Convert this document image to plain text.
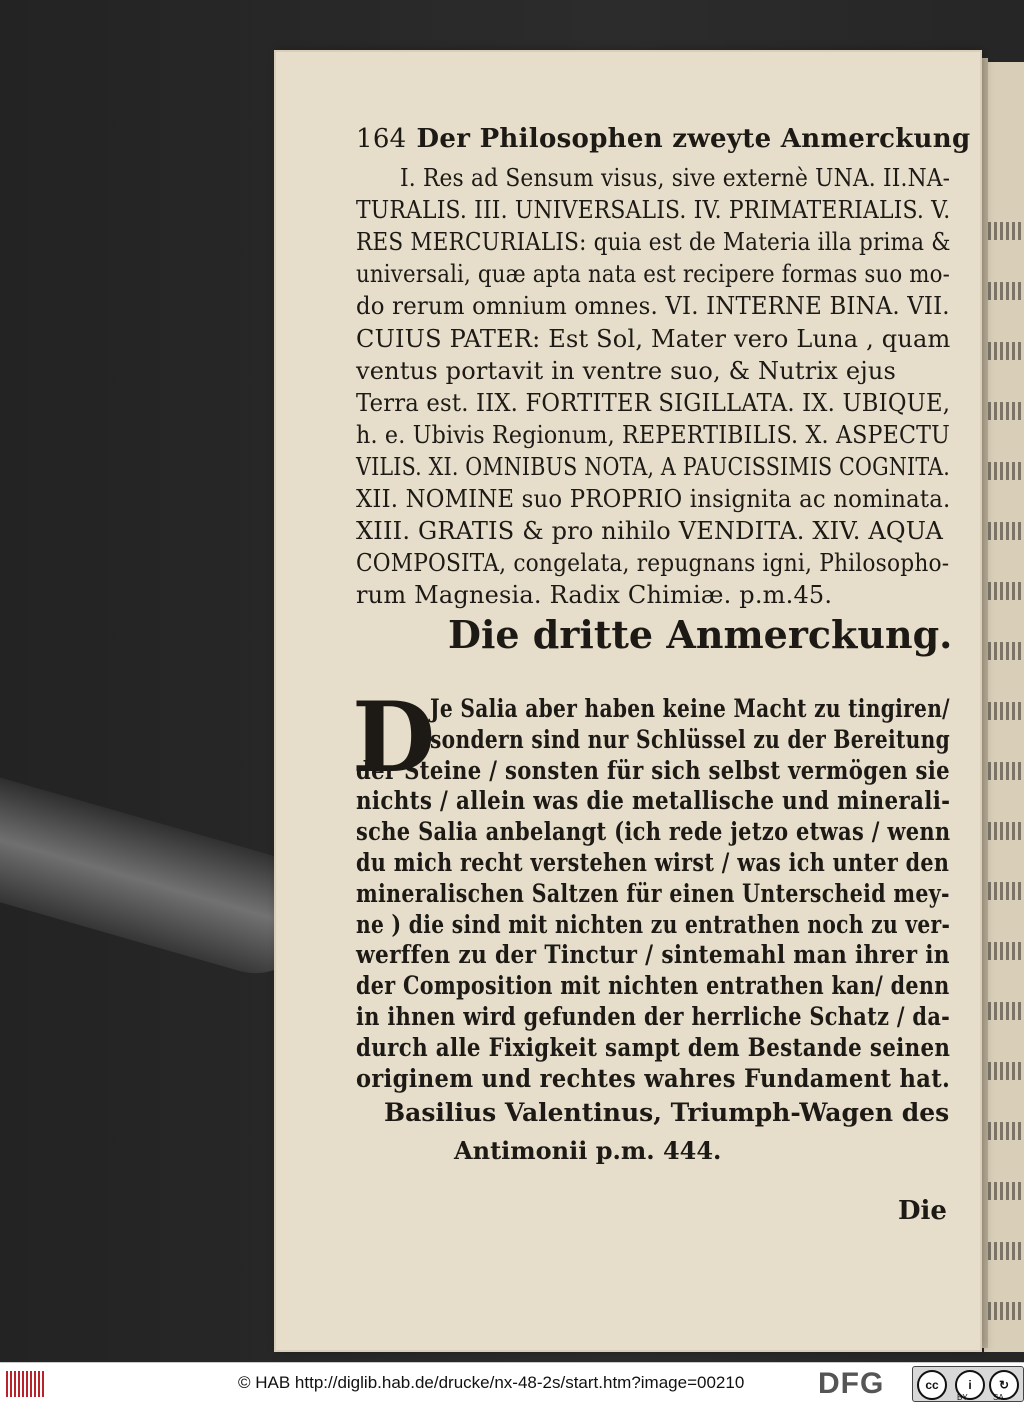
164 Der Philosophen zweyte Anmerckung
I. Res ad Sensum visus, sive externè UNA. II.NA-
TURALIS. III. UNIVERSALIS. IV. PRIMATERIALIS. V.
RES MERCURIALIS: quia est de Materia illa prima &
universali, quæ apta nata est recipere formas suo mo-
do rerum omnium omnes. VI. INTERNE BINA. VII.
CUIUS PATER: Est Sol, Mater vero Luna , quam
ventus portavit in ventre suo, & Nutrix ejus
Terra est. IIX. FORTITER SIGILLATA. IX. UBIQUE,
h. e. Ubivis Regionum, REPERTIBILIS. X. ASPECTU
VILIS. XI. OMNIBUS NOTA, A PAUCISSIMIS COGNITA.
XII. NOMINE suo PROPRIO insignita ac nominata.
XIII. GRATIS & pro nihilo VENDITA. XIV. AQUA
COMPOSITA, congelata, repugnans igni, Philosopho-
rum Magnesia. Radix Chimiæ. p.m.45.
Die dritte Anmerckung.
D
Je Salia aber haben keine Macht zu tingiren/
sondern sind nur Schlüssel zu der Bereitung
der Steine / sonsten für sich selbst vermögen sie
nichts / allein was die metallische und minerali-
sche Salia anbelangt (ich rede jetzo etwas / wenn
du mich recht verstehen wirst / was ich unter den
mineralischen Saltzen für einen Unterscheid mey-
ne ) die sind mit nichten zu entrathen noch zu ver-
werffen zu der Tinctur / sintemahl man ihrer in
der Composition mit nichten entrathen kan/ denn
in ihnen wird gefunden der herrliche Schatz / da-
durch alle Fixigkeit sampt dem Bestande seinen
originem und rechtes wahres Fundament hat.
Basilius Valentinus, Triumph-Wagen des
Antimonii p.m. 444.
Die
© HAB http://diglib.hab.de/drucke/nx-48-2s/start.htm?image=00210 DFG	cc	i	↻
BY	SA
